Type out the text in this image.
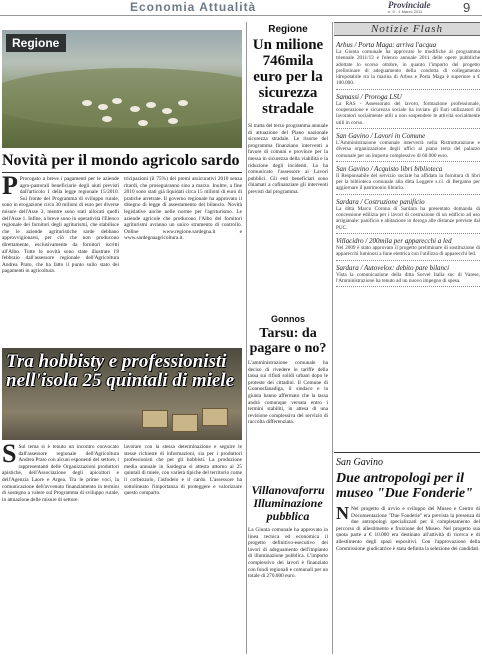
Economia Attualità	Provinciale
n. 5 - 1 Marzo 2011	9
Regione
Novità per il mondo agricolo sardo
P Prorogato a breve i pagamenti per le aziende agro-pastorali beneficiarie degli aiuti previsti dall'articolo 1 della legge regionale 15/2010. Sul fronte del Programma di sviluppo rurale, sono in erogazione circa 30 milioni di euro per diverse misure dell'Asse 2, mentre sono stati allocati quelli dell'Asse 1. Infine, a breve sono in operatività l'Elenco regionale dei fornitori degli agriturismi, che stabilisce che le aziende agrituristiche sarde debbano approvvigionarsi, per ciò che non producono direttamente, esclusivamente da fornitori iscritti all'Albo. Tutte le novità sono state illustrate l'8 febbraio dall'assessore regionale dell'Agricoltura Andrea Prato, che ha fatto il punto sullo stato dei pagamenti in agricoltura.
tricipazioni (il 75%) dei premi assicurativi 2010 senza ritardi, che proseguiranno sino a marzo. Inoltre, a fine 2010 sono stati già liquidati circa 15 milioni di euro di pratiche arretrate. Il governo regionale ha approvato il disegno di legge di assestamento del bilancio. Novità legislative anche nelle norme per l'agriturismo. Le aziende agricole che producono l'Albo dei fornitori agriturismi avranno un unico strumento di controllo. Online www.regione.sardegna.it e www.sardegnaagricoltura.it.
Tra hobbisty e professionisti nell'isola 25 quintali di miele
S Sul tema si è tenuto un incontro convocato dall'assessore regionale dell'Agricoltura Andrea Prato con alcuni esponenti del settore, i rappresentanti delle Organizzazioni produttori apistiche, dell'Associazione degli apicoltori e dell'Agenzia Laore e Argea. Tra le prime voci, la comunicazione dell'avvenuto finanziamento in termini di sostegno a valere sul Programma di sviluppo rurale, in attuazione delle misure di settore.
lavorare con la stessa determinazione e seguire le stesse richieste di informazioni, sia per i produttori professionisti che per gli hobbisti. La produzione media annuale in Sardegna si attesta attorno ai 25 quintali di miele, con varietà tipiche del territorio come il corbezzolo, l'asfodelo e il cardo. L'assessore ha sottolineato l'importanza di proteggere e valorizzare questo comparto.
Regione
Un milione 746mila euro per la sicurezza stradale
Si tratta del terzo programma annuale di attuazione del Piano nazionale sicurezza stradale. Le risorse del programma finanziano interventi a favore di comuni e province per la messa in sicurezza della viabilità e la riduzione degli incidenti. Lo ha comunicato l'assessore ai Lavori pubblici. Gli enti beneficiari sono chiamati a cofinanziare gli interventi previsti dal programma.
Gonnos
Tarsu: da pagare o no?
L'amministrazione comunale ha deciso di rivedere le tariffe della tassa sui rifiuti solidi urbani dopo le proteste dei cittadini. Il Comune di Gonnosfanadiga, il sindaco e la giunta hanno affermato che la tassa andrà comunque versata entro i termini stabiliti, in attesa di una revisione complessiva del servizio di raccolta differenziata.
Villanovaforru Illuminazione pubblica
La Giunta comunale ha approvato in linea tecnica ed economica il progetto definitivo-esecutivo dei lavori di adeguamento dell'impianto di illuminazione pubblica. L'importo complessivo dei lavori è finanziato con fondi regionali e comunali per un totale di 270.000 euro.
Notizie Flash
Arbus / Porta Maga: arriva l'acqua
La Giunta comunale ha approvato le modifiche al programma triennale 2011/13 e l'elenco annuale 2011 delle opere pubbliche adottate lo scorso ottobre, in quanto l'importo del progetto preliminare di adeguamento della condotta di collegamento idropotabile tra la marina di Arbus e Porta Maga è superiore a € 100.000.
Samassi / Proroga LSU
La RAS - Assessorato del lavoro, formazione professionale, cooperazione e sicurezza sociale ha inviato gli Enti utilizzatori di lavoratori socialmente utili a non sospendere le attività socialmente utili in corso.
San Gavino / Lavori in Comune
L'Amministrazione comunale interverrà nella Ristrutturazione e diversa organizzazione degli uffici al piano terra del palazzo comunale per un importo complessivo di 60.000 euro.
San Gavino / Acquisto libri biblioteca
Il Responsabile del servizio sociale ha affidato la fornitura di libri per la biblioteca comunale alla ditta Leggere s.r.l. di Bergamo per aggiornare il patrimonio librario.
Sardara / Costruzione panificio
La ditta Marco Corona di Sardara ha presentato domanda di concessione edilizia per i lavori di costruzione di un edificio ad uso artigianale: panificio e abitazione in deroga alle distanze previste dal PUC.
Villacidro / 200mila per apparecchi a led
Nel 2009 è stato approvato il progetto preliminare di sostituzione di apparecchi luminosi a fune elettrica con l'utilizzo di apparecchi led.
Sardara / Autovelox: debito pare bilanci
Vista la comunicazione della ditta Sorvel Italia snc di Varese, l'Amministrazione ha tenuto ad un nuovo impegno di spesa.
San Gavino
Due antropologi per il museo "Due Fonderie"
N Nel progetto di avvio e sviluppo del Museo e Centro di Documentazione "Due Fonderie" era prevista la presenza di due antropologi specializzati per il completamento del percorso di allestimento e fruizione del Museo. Nel progetto sua quota parte a € 10.000 era destinato all'attività di ricerca e di allestimento degli spazi espositivi. Con l'approvazione della Commissione giudicatrice è stata definita la selezione dei candidati.
